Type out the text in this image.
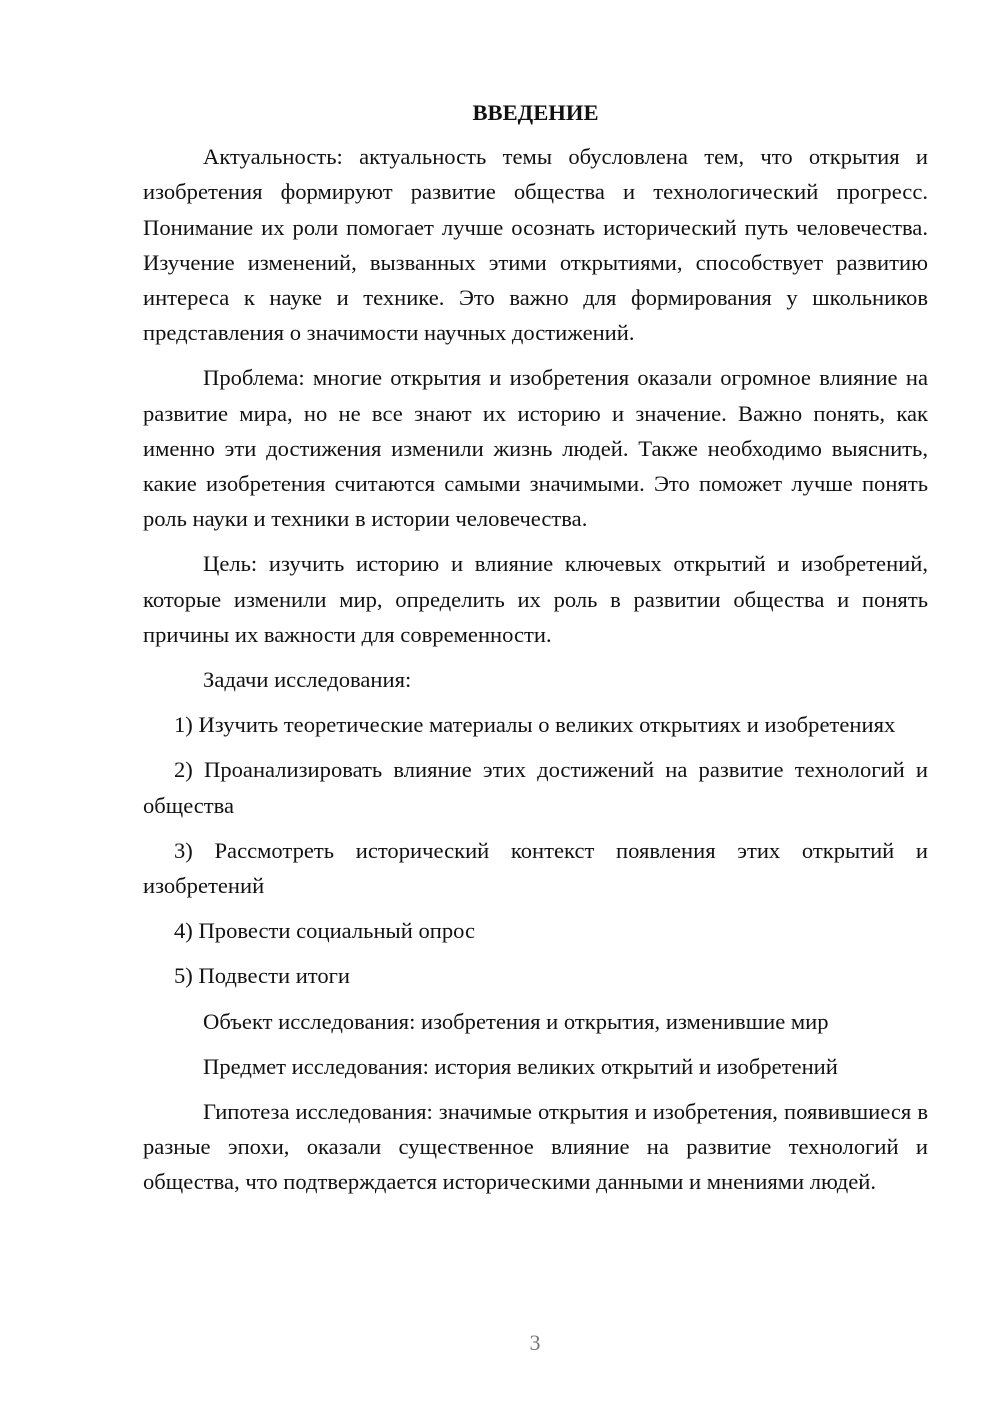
ВВЕДЕНИЕ

Актуальность: актуальность темы обусловлена тем, что открытия и изобретения формируют развитие общества и технологический прогресс. Понимание их роли помогает лучше осознать исторический путь человечества. Изучение изменений, вызванных этими открытиями, способствует развитию интереса к науке и технике. Это важно для формирования у школьников представления о значимости научных достижений.

Проблема: многие открытия и изобретения оказали огромное влияние на развитие мира, но не все знают их историю и значение. Важно понять, как именно эти достижения изменили жизнь людей. Также необходимо выяснить, какие изобретения считаются самыми значимыми. Это поможет лучше понять роль науки и техники в истории человечества.

Цель: изучить историю и влияние ключевых открытий и изобретений, которые изменили мир, определить их роль в развитии общества и понять причины их важности для современности.

Задачи исследования:

1) Изучить теоретические материалы о великих открытиях и изобретениях

2) Проанализировать влияние этих достижений на развитие технологий и общества

3) Рассмотреть исторический контекст появления этих открытий и изобретений

4) Провести социальный опрос

5) Подвести итоги

Объект исследования: изобретения и открытия, изменившие мир

Предмет исследования: история великих открытий и изобретений

Гипотеза исследования: значимые открытия и изобретения, появившиеся в разные эпохи, оказали существенное влияние на развитие технологий и общества, что подтверждается историческими данными и мнениями людей.

3
